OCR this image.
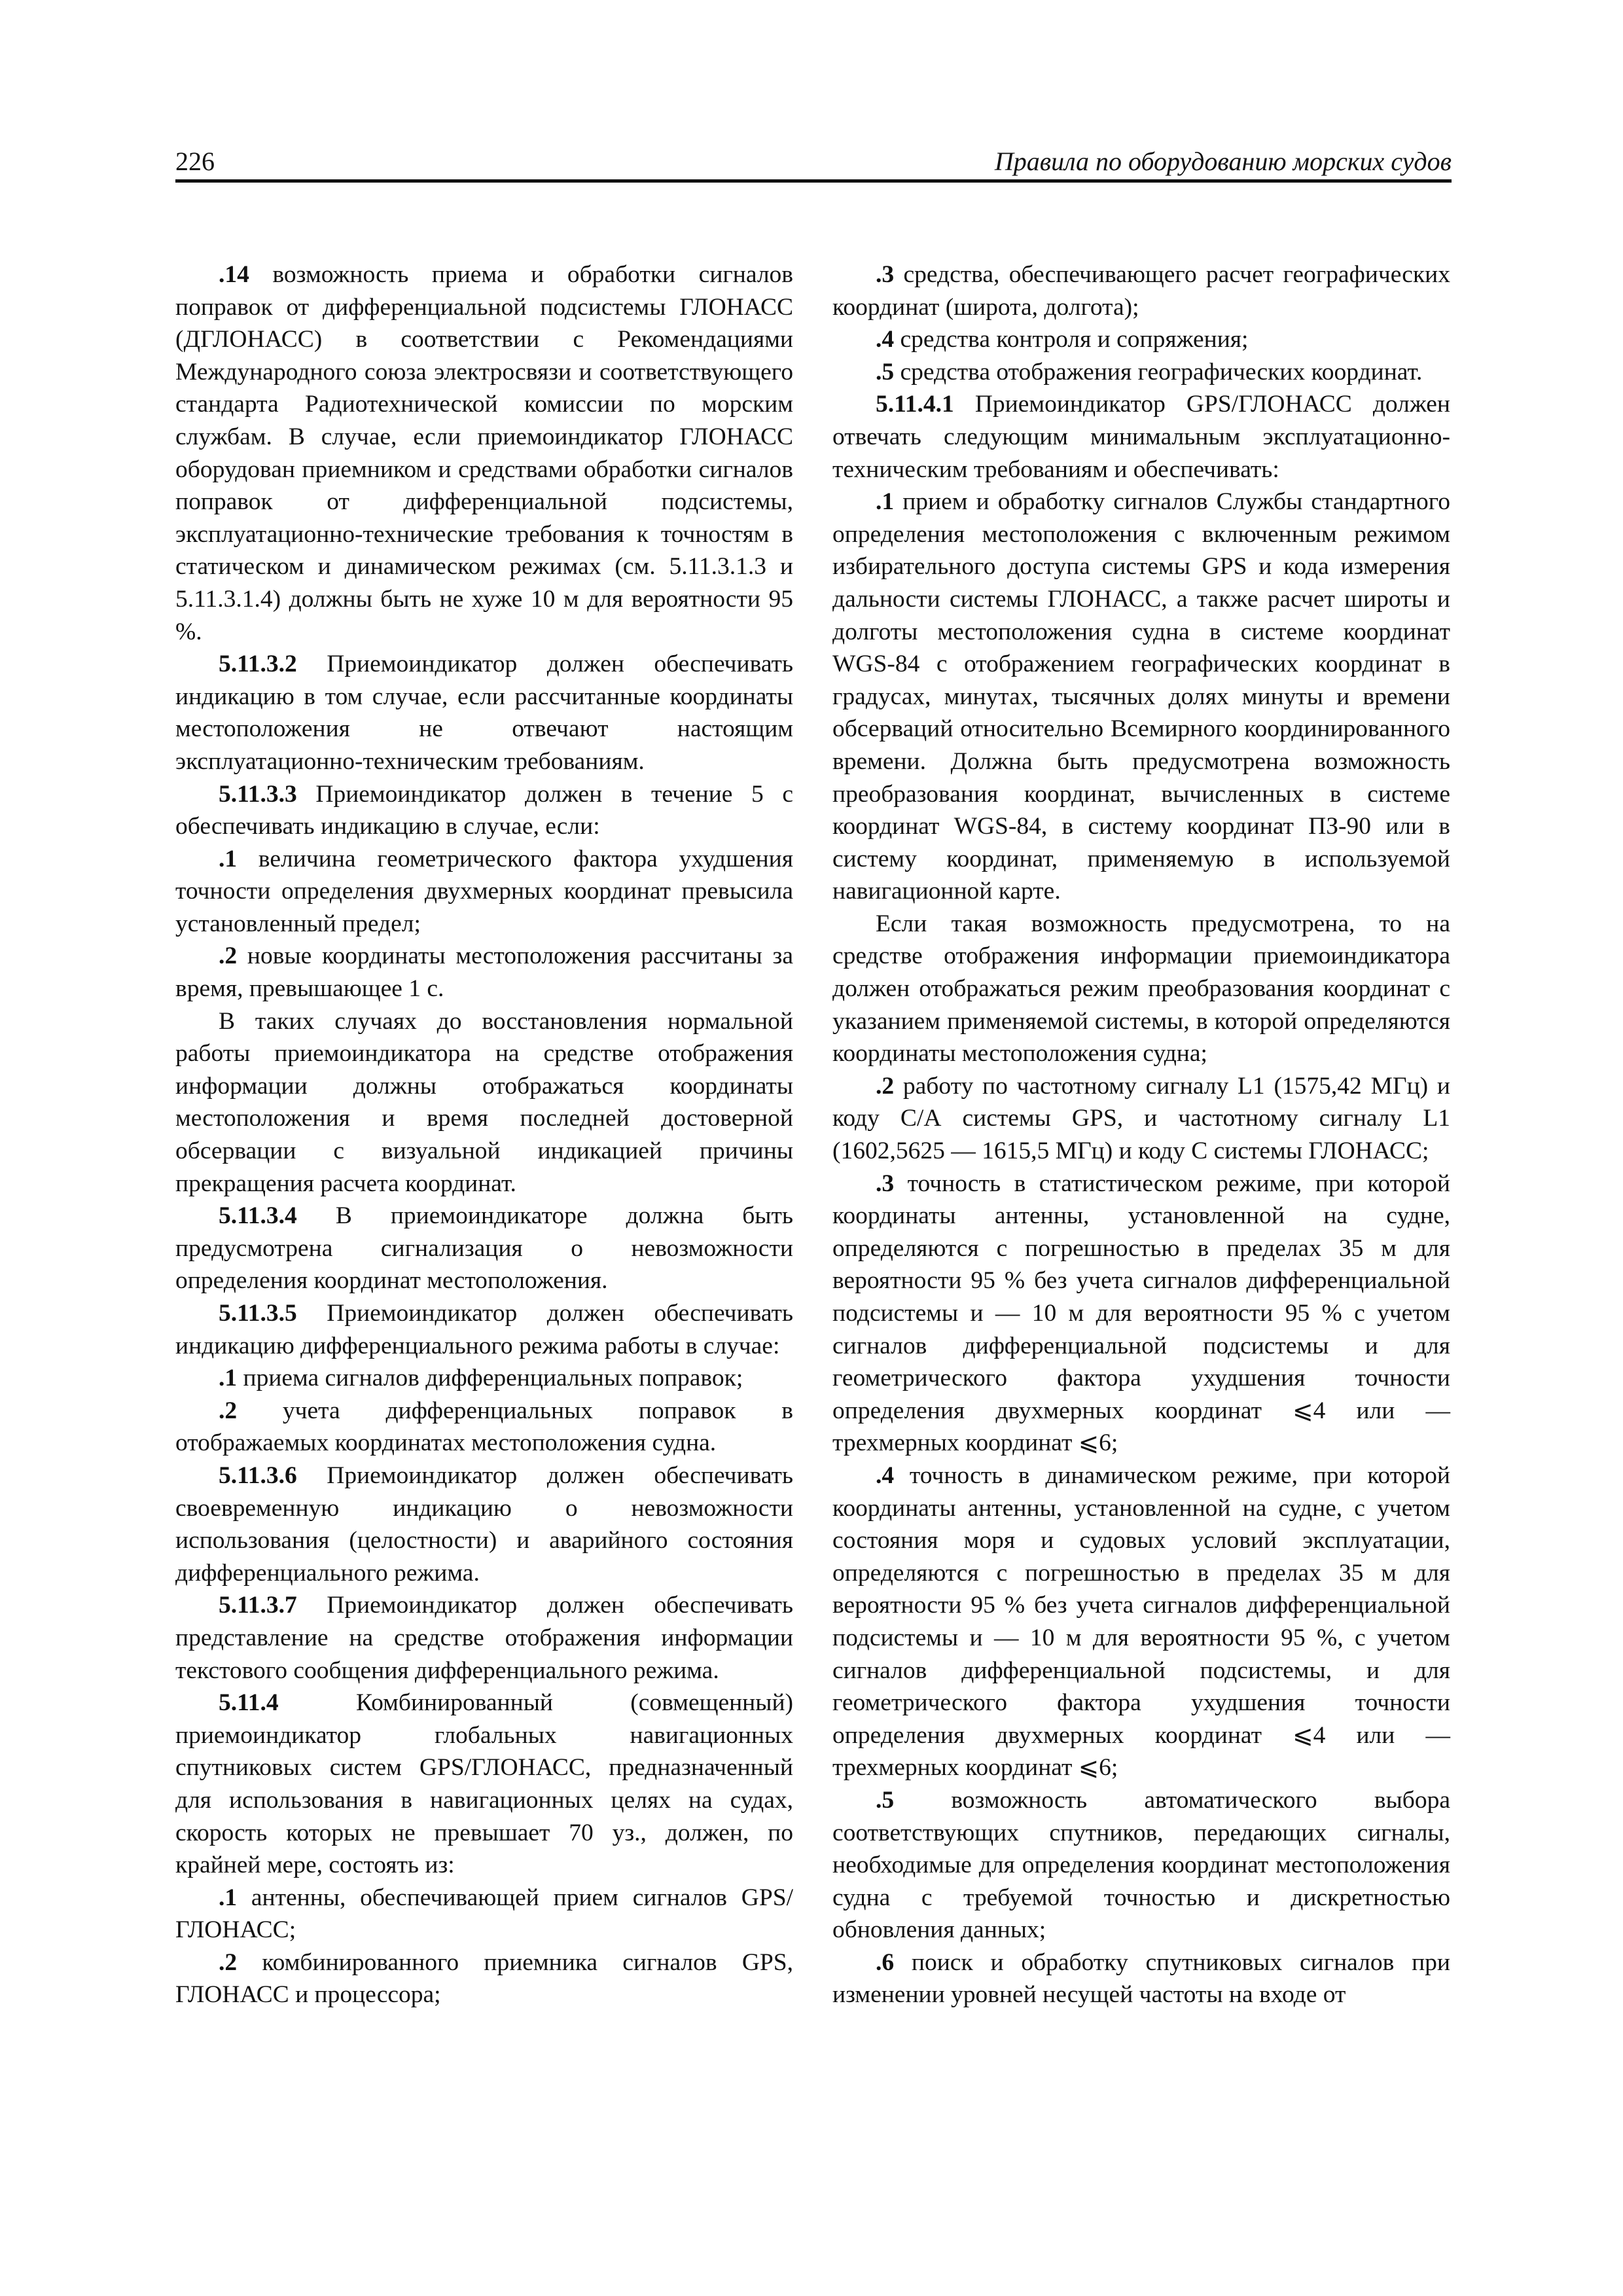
226	Правила по оборудованию морских судов

.14 возможность приема и обработки сигналов поправок от дифференциальной подсистемы ГЛОНАСС (ДГЛОНАСС) в соответствии с Рекомендациями Международного союза электросвязи и соответствующего стандарта Радиотехнической комиссии по морским службам. В случае, если приемоиндикатор ГЛОНАСС оборудован приемником и средствами обработки сигналов поправок от дифференциальной подсистемы, эксплуатационно-технические требования к точностям в статическом и динамическом режимах (см. 5.11.3.1.3 и 5.11.3.1.4) должны быть не хуже 10 м для вероятности 95 %.

5.11.3.2 Приемоиндикатор должен обеспечивать индикацию в том случае, если рассчитанные координаты местоположения не отвечают настоящим эксплуатационно-техническим требованиям.

5.11.3.3 Приемоиндикатор должен в течение 5 с обеспечивать индикацию в случае, если:

.1 величина геометрического фактора ухудшения точности определения двухмерных координат превысила установленный предел;

.2 новые координаты местоположения рассчитаны за время, превышающее 1 с.

В таких случаях до восстановления нормальной работы приемоиндикатора на средстве отображения информации должны отображаться координаты местоположения и время последней достоверной обсервации с визуальной индикацией причины прекращения расчета координат.

5.11.3.4 В приемоиндикаторе должна быть предусмотрена сигнализация о невозможности определения координат местоположения.

5.11.3.5 Приемоиндикатор должен обеспечивать индикацию дифференциального режима работы в случае:

.1 приема сигналов дифференциальных поправок;

.2 учета дифференциальных поправок в отображаемых координатах местоположения судна.

5.11.3.6 Приемоиндикатор должен обеспечивать своевременную индикацию о невозможности использования (целостности) и аварийного состояния дифференциального режима.

5.11.3.7 Приемоиндикатор должен обеспечивать представление на средстве отображения информации текстового сообщения дифференциального режима.

5.11.4 Комбинированный (совмещенный) приемоиндикатор глобальных навигационных спутниковых систем GPS/ГЛОНАСС, предназначенный для использования в навигационных целях на судах, скорость которых не превышает 70 уз., должен, по крайней мере, состоять из:

.1 антенны, обеспечивающей прием сигналов GPS/ГЛОНАСС;

.2 комбинированного приемника сигналов GPS, ГЛОНАСС и процессора;

.3 средства, обеспечивающего расчет географических координат (широта, долгота);

.4 средства контроля и сопряжения;

.5 средства отображения географических координат.

5.11.4.1 Приемоиндикатор GPS/ГЛОНАСС должен отвечать следующим минимальным эксплуатационно-техническим требованиям и обеспечивать:

.1 прием и обработку сигналов Службы стандартного определения местоположения с включенным режимом избирательного доступа системы GPS и кода измерения дальности системы ГЛОНАСС, а также расчет широты и долготы местоположения судна в системе координат WGS-84 с отображением географических координат в градусах, минутах, тысячных долях минуты и времени обсерваций относительно Всемирного координированного времени. Должна быть предусмотрена возможность преобразования координат, вычисленных в системе координат WGS-84, в систему координат ПЗ-90 или в систему координат, применяемую в используемой навигационной карте.

Если такая возможность предусмотрена, то на средстве отображения информации приемоиндикатора должен отображаться режим преобразования координат с указанием применяемой системы, в которой определяются координаты местоположения судна;

.2 работу по частотному сигналу L1 (1575,42 МГц) и коду С/А системы GPS, и частотному сигналу L1 (1602,5625 — 1615,5 МГц) и коду С системы ГЛОНАСС;

.3 точность в статистическом режиме, при которой координаты антенны, установленной на судне, определяются с погрешностью в пределах 35 м для вероятности 95 % без учета сигналов дифференциальной подсистемы и — 10 м для вероятности 95 % с учетом сигналов дифференциальной подсистемы и для геометрического фактора ухудшения точности определения двухмерных координат ⩽4 или — трехмерных координат ⩽6;

.4 точность в динамическом режиме, при которой координаты антенны, установленной на судне, с учетом состояния моря и судовых условий эксплуатации, определяются с погрешностью в пределах 35 м для вероятности 95 % без учета сигналов дифференциальной подсистемы и — 10 м для вероятности 95 %, с учетом сигналов дифференциальной подсистемы, и для геометрического фактора ухудшения точности определения двухмерных координат ⩽4 или — трехмерных координат ⩽6;

.5 возможность автоматического выбора соответствующих спутников, передающих сигналы, необходимые для определения координат местоположения судна с требуемой точностью и дискретностью обновления данных;

.6 поиск и обработку спутниковых сигналов при изменении уровней несущей частоты на входе от
